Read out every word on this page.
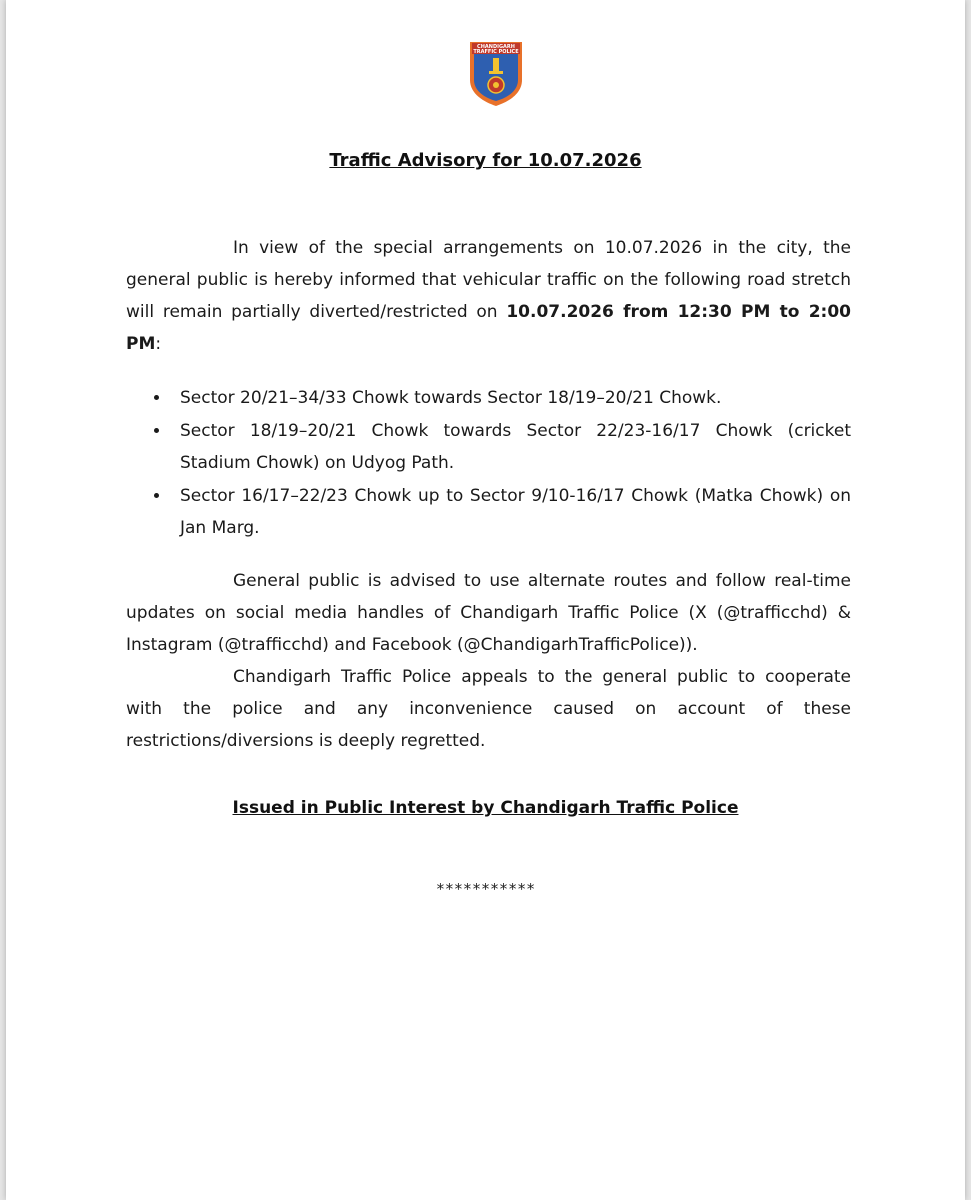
CHANDIGARH
TRAFFIC POLICE
Traffic Advisory for 10.07.2026

In view of the special arrangements on 10.07.2026 in the city, the general public is hereby informed that vehicular traffic on the following road stretch will remain partially diverted/restricted on 10.07.2026 from 12:30 PM to 2:00 PM:

Sector 20/21–34/33 Chowk towards Sector 18/19–20/21 Chowk.
Sector 18/19–20/21 Chowk towards Sector 22/23-16/17 Chowk (cricket Stadium Chowk) on Udyog Path.
Sector 16/17–22/23 Chowk up to Sector 9/10-16/17 Chowk (Matka Chowk) on Jan Marg.

General public is advised to use alternate routes and follow real-time updates on social media handles of Chandigarh Traffic Police (X (@trafficchd) & Instagram (@trafficchd) and Facebook (@ChandigarhTrafficPolice)).

Chandigarh Traffic Police appeals to the general public to cooperate with the police and any inconvenience caused on account of these restrictions/diversions is deeply regretted.

Issued in Public Interest by Chandigarh Traffic Police

***********
